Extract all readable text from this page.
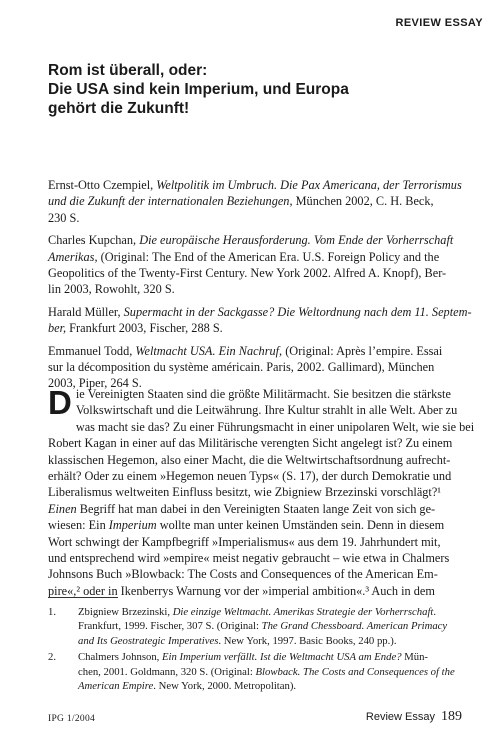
REVIEW ESSAY
Rom ist überall, oder:
Die USA sind kein Imperium, und Europa
gehört die Zukunft!

Ernst-Otto Czempiel, Weltpolitik im Umbruch. Die Pax Americana, der Terrorismus
und die Zukunft der internationalen Beziehungen, München 2002, C. H. Beck,
230 S.

Charles Kupchan, Die europäische Herausforderung. Vom Ende der Vorherrschaft
Amerikas, (Original: The End of the American Era. U.S. Foreign Policy and the
Geopolitics of the Twenty-First Century. New York 2002. Alfred A. Knopf), Ber-
lin 2003, Rowohlt, 320 S.

Harald Müller, Supermacht in der Sackgasse? Die Weltordnung nach dem 11. Septem-
ber, Frankfurt 2003, Fischer, 288 S.

Emmanuel Todd, Weltmacht USA. Ein Nachruf, (Original: Après l’empire. Essai
sur la décomposition du système américain. Paris, 2002. Gallimard), München
2003, Piper, 264 S.

D ie Vereinigten Staaten sind die größte Militärmacht. Sie besitzen die stärkste
Volkswirtschaft und die Leitwährung. Ihre Kultur strahlt in alle Welt. Aber zu
was macht sie das? Zu einer Führungsmacht in einer unipolaren Welt, wie sie bei
Robert Kagan in einer auf das Militärische verengten Sicht angelegt ist? Zu einem
klassischen Hegemon, also einer Macht, die die Weltwirtschaftsordnung aufrecht-
erhält? Oder zu einem »Hegemon neuen Typs« (S. 17), der durch Demokratie und
Liberalismus weltweiten Einfluss besitzt, wie Zbigniew Brzezinski vorschlägt?¹

Einen Begriff hat man dabei in den Vereinigten Staaten lange Zeit von sich ge-
wiesen: Ein Imperium wollte man unter keinen Umständen sein. Denn in diesem
Wort schwingt der Kampfbegriff »Imperialismus« aus dem 19. Jahrhundert mit,
und entsprechend wird »empire« meist negativ gebraucht – wie etwa in Chalmers
Johnsons Buch »Blowback: The Costs and Consequences of the American Em-
pire«,² oder in Ikenberrys Warnung vor der »imperial ambition«.³ Auch in dem

1. Zbigniew Brzezinski, Die einzige Weltmacht. Amerikas Strategie der Vorherrschaft.
Frankfurt, 1999. Fischer, 307 S. (Original: The Grand Chessboard. American Primacy
and Its Geostrategic Imperatives. New York, 1997. Basic Books, 240 pp.).

2. Chalmers Johnson, Ein Imperium verfällt. Ist die Weltmacht USA am Ende? Mün-
chen, 2001. Goldmann, 320 S. (Original: Blowback. The Costs and Consequences of the
American Empire. New York, 2000. Metropolitan).

IPG 1/2004	Review Essay 189
